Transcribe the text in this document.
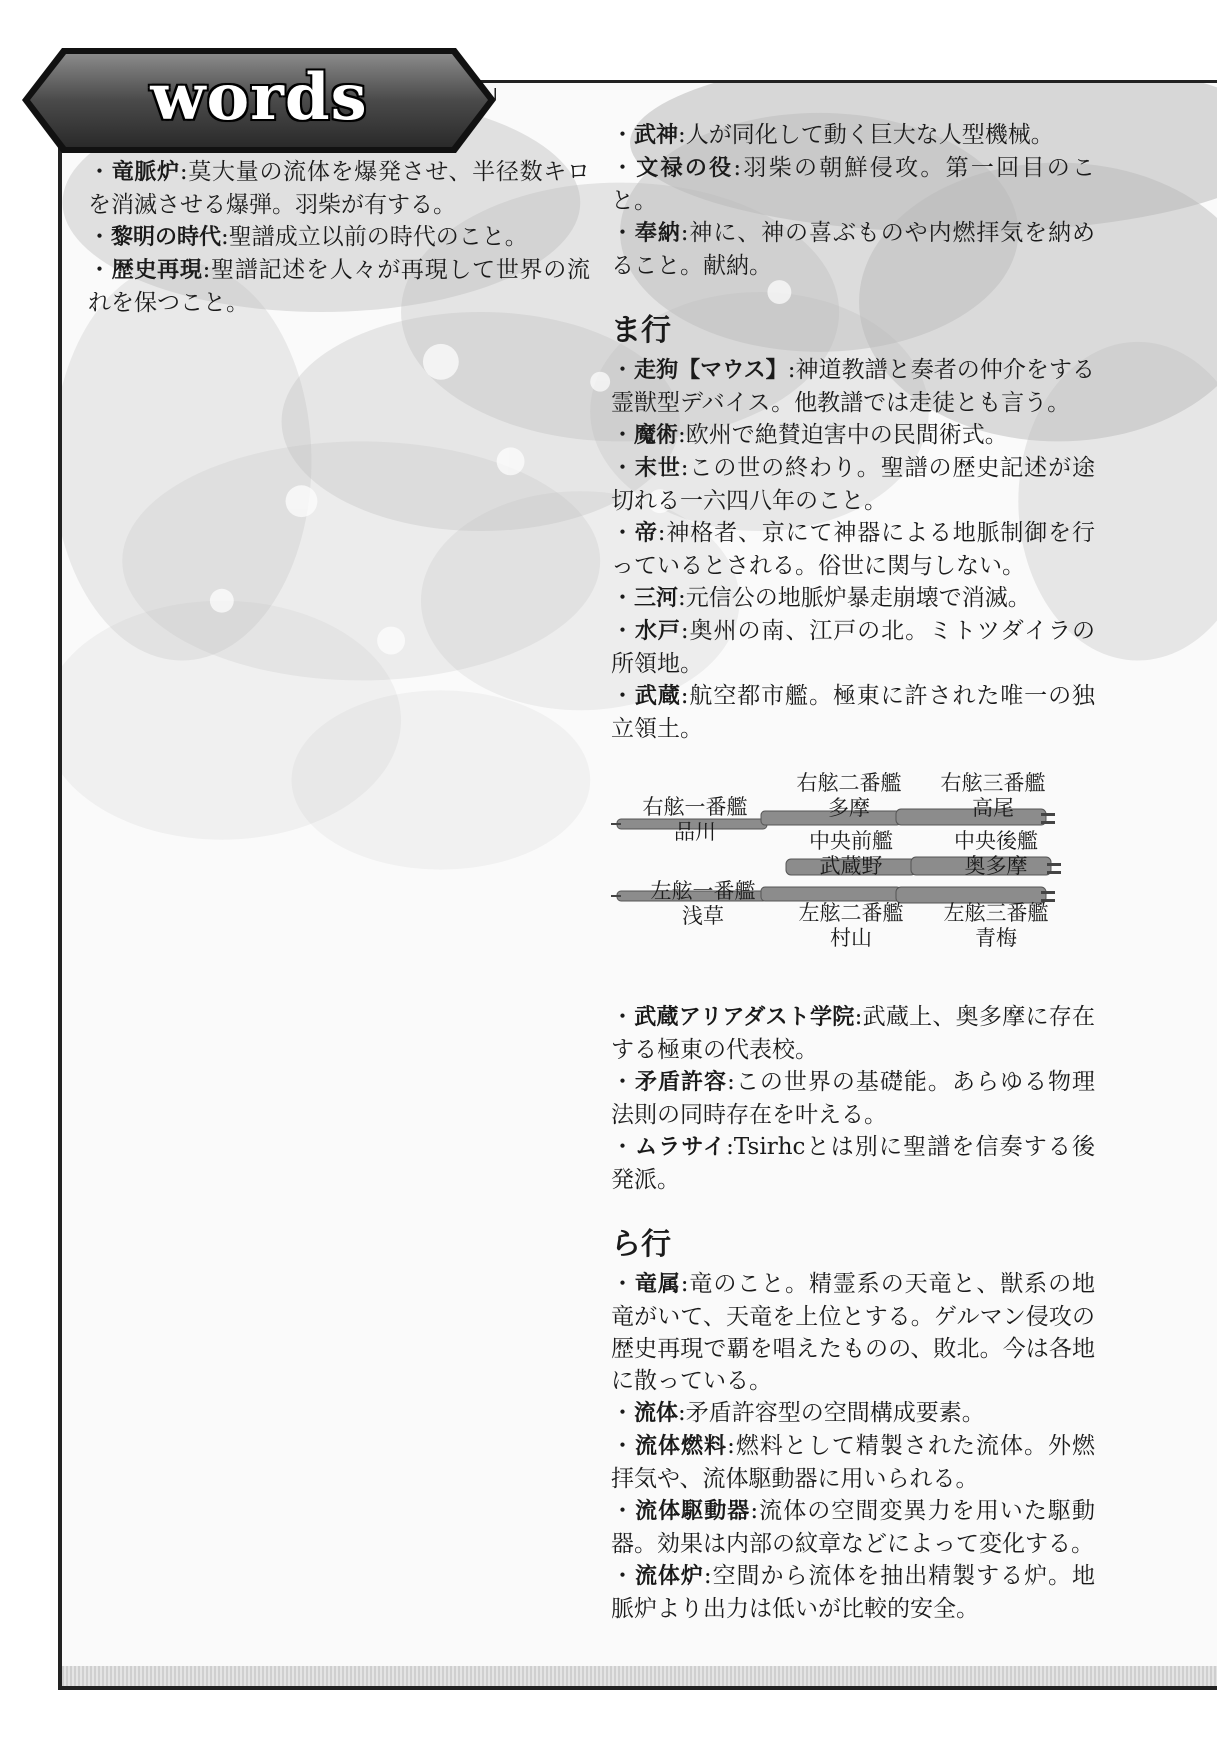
words

・竜脈炉:莫大量の流体を爆発させ、半径数キロを消滅させる爆弾。羽柴が有する。

・黎明の時代:聖譜成立以前の時代のこと。

・歴史再現:聖譜記述を人々が再現して世界の流れを保つこと。

・武神:人が同化して動く巨大な人型機械。

・文禄の役:羽柴の朝鮮侵攻。第一回目のこと。

・奉納:神に、神の喜ぶものや内燃拝気を納めること。献納。

ま行

・走狗【マウス】:神道教譜と奏者の仲介をする霊獣型デバイス。他教譜では走徒とも言う。

・魔術:欧州で絶賛迫害中の民間術式。

・末世:この世の終わり。聖譜の歴史記述が途切れる一六四八年のこと。

・帝:神格者、京にて神器による地脈制御を行っているとされる。俗世に関与しない。

・三河:元信公の地脈炉暴走崩壊で消滅。

・水戸:奥州の南、江戸の北。ミトツダイラの所領地。

・武蔵:航空都市艦。極東に許された唯一の独立領土。

右舷一番艦
品川
右舷二番艦
多摩
右舷三番艦
高尾
中央前艦
武蔵野
中央後艦
奥多摩
左舷一番艦
浅草	左舷二番艦
村山
左舷三番艦
青梅

・武蔵アリアダスト学院:武蔵上、奥多摩に存在する極東の代表校。

・矛盾許容:この世界の基礎能。あらゆる物理法則の同時存在を叶える。

・ムラサイ:Tsirhcとは別に聖譜を信奏する後発派。

ら行

・竜属:竜のこと。精霊系の天竜と、獣系の地竜がいて、天竜を上位とする。ゲルマン侵攻の歴史再現で覇を唱えたものの、敗北。今は各地に散っている。

・流体:矛盾許容型の空間構成要素。

・流体燃料:燃料として精製された流体。外燃拝気や、流体駆動器に用いられる。

・流体駆動器:流体の空間変異力を用いた駆動器。効果は内部の紋章などによって変化する。

・流体炉:空間から流体を抽出精製する炉。地脈炉より出力は低いが比較的安全。
